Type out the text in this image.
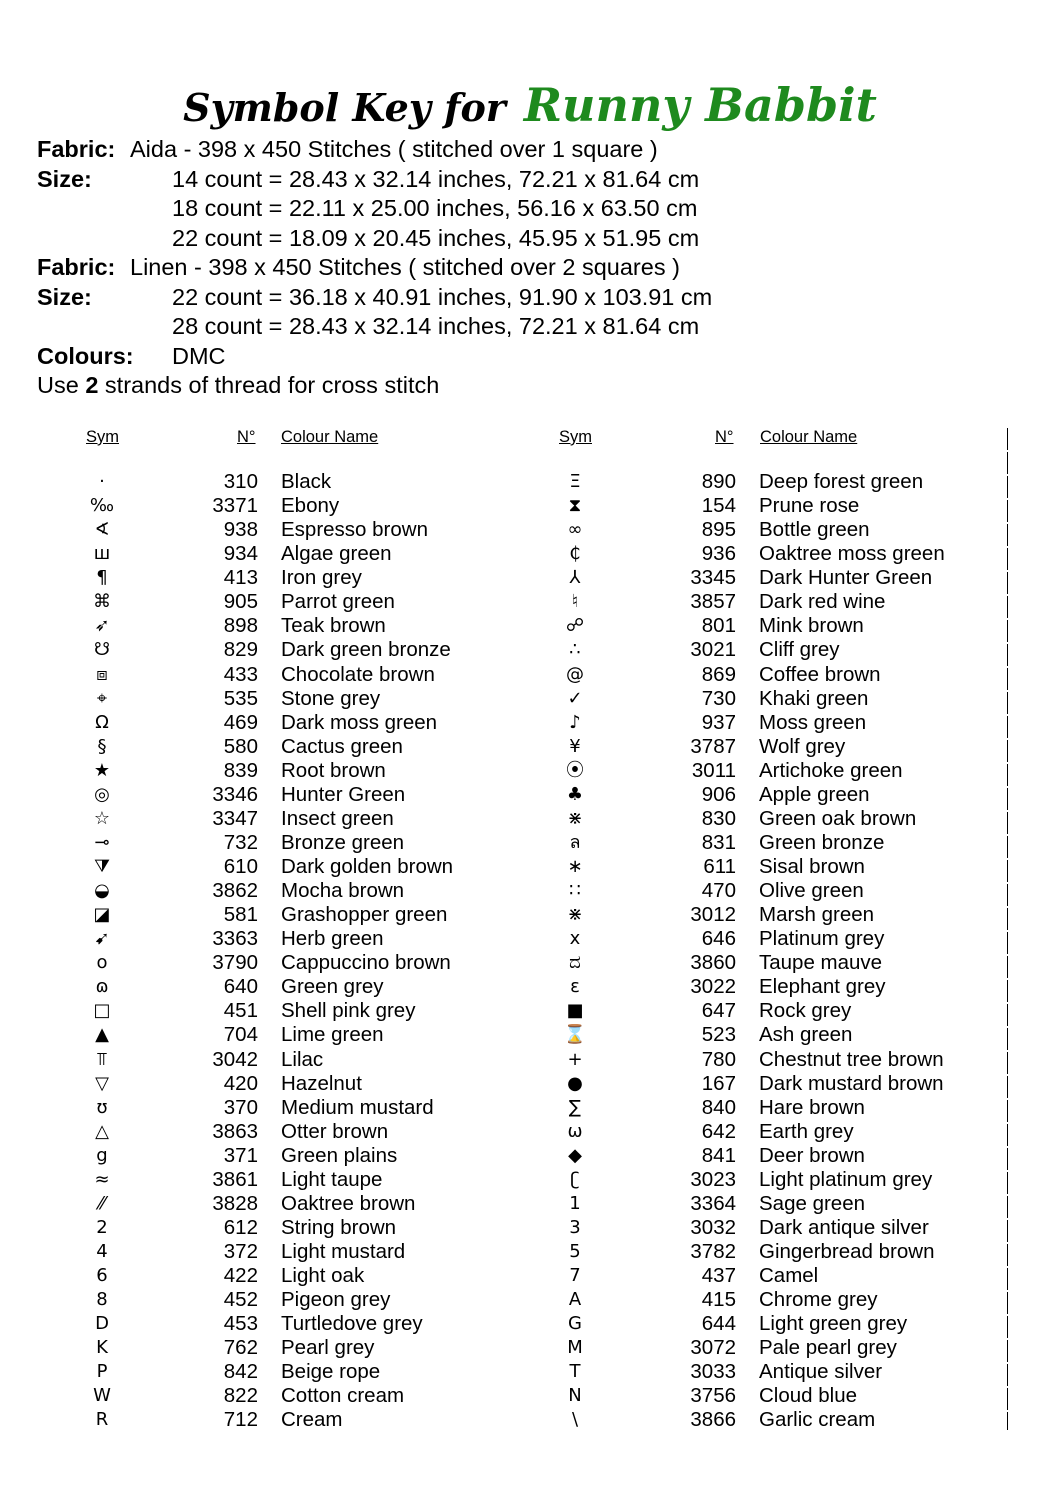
Symbol Key for Runny Babbit
Fabric: Aida - 398 x 450 Stitches ( stitched over 1 square )
Size:	14 count = 28.43 x 32.14 inches, 72.21 x 81.64 cm
18 count = 22.11 x 25.00 inches, 56.16 x 63.50 cm
22 count = 18.09 x 20.45 inches, 45.95 x 51.95 cm
Fabric: Linen - 398 x 450 Stitches ( stitched over 2 squares )
Size:	22 count = 36.18 x 40.91 inches, 91.90 x 103.91 cm
28 count = 28.43 x 32.14 inches, 72.21 x 81.64 cm
Colours: DMC
Use 2 strands of thread for cross stitch
Sym	N° Colour Name
·	310 Black
‰	3371 Ebony
∢	938 Espresso brown
ш	934 Algae green
¶	413 Iron grey
⌘	905 Parrot green
➶	898 Teak brown
☋	829 Dark green bronze
⧈	433 Chocolate brown
⌖	535 Stone grey
Ω	469 Dark moss green
§	580 Cactus green
★	839 Root brown
◎	3346 Hunter Green
☆	3347 Insect green
⊸	732 Bronze green
⧩	610 Dark golden brown
◒	3862 Mocha brown
◪	581 Grashopper green
➹	3363 Herb green
o	3790 Cappuccino brown
ɷ	640 Green grey
□	451 Shell pink grey
▲	704 Lime green
⫪	3042 Lilac
▽	420 Hazelnut
ʊ	370 Medium mustard
△	3863 Otter brown
g	371 Green plains
≈	3861 Light taupe
⁄⁄	3828 Oaktree brown
2	612 String brown
4	372 Light mustard
6	422 Light oak
8	452 Pigeon grey
D	453 Turtledove grey
K	762 Pearl grey
P	842 Beige rope
W	822 Cotton cream
R	712 Cream
Sym	N° Colour Name
Ξ	890 Deep forest green
⧗	154 Prune rose
∞	895 Bottle green
₵	936 Oaktree moss green
⅄	3345 Dark Hunter Green
♮	3857 Dark red wine
☍	801 Mink brown
∴	3021 Cliff grey
@	869 Coffee brown
✓	730 Khaki green
♪	937 Moss green
¥	3787 Wolf grey
⦿	3011 Artichoke green
♣	906 Apple green
⋇	830 Green oak brown
ล	831 Green bronze
∗	611 Sisal brown
∷	470 Olive green
⋇	3012 Marsh green
x	646 Platinum grey
ದ	3860 Taupe mauve
ɛ	3022 Elephant grey
■	647 Rock grey
⌛	523 Ash green
+	780 Chestnut tree brown
●	167 Dark mustard brown
∑	840 Hare brown
ω	642 Earth grey
◆	841 Deer brown
ʗ	3023 Light platinum grey
1	3364 Sage green
3	3032 Dark antique silver
5	3782 Gingerbread brown
7	437 Camel
A	415 Chrome grey
G	644 Light green grey
M	3072 Pale pearl grey
T	3033 Antique silver
N	3756 Cloud blue
\	3866 Garlic cream
